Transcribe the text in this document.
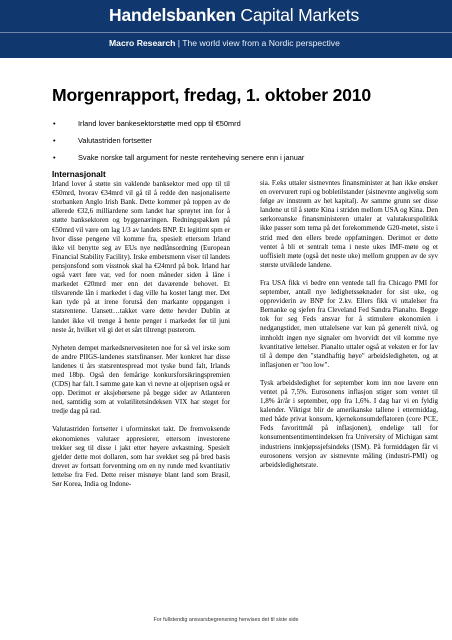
Handelsbanken Capital Markets
Macro Research | The world view from a Nordic perspective
Morgenrapport, fredag, 1. oktober 2010
•	Irland lover bankesektorstøtte med opp til €50mrd
•	Valutastriden fortsetter
•	Svake norske tall argument for neste renteheving senere enn i januar
Internasjonalt

Irland lover å støtte sin vaklende banksektor med opp til til €50mrd, hvorav €34mrd vil gå til å redde den nasjonaliserte storbanken Anglo Irish Bank. Dette kommer på toppen av de allerede €32,6 milliardene som landet har sprøytet inn for å støtte banksektoren og byggenæringen. Redningspakken på €50mrd vil være om lag 1/3 av landets BNP. Et legitimt spm er hvor disse pengene vil komme fra, spesielt ettersom Irland ikke vil benytte seg av EUs nye nødlånsordning (European Financial Stability Facility). Irske embetsmenn viser til landets pensjonsfond som visstnok skal ha €24mrd på bok. Irland har også vært føre var, ved for noen måneder siden å låne i markedet €20mrd mer enn det daværende behovet. Et tilsvarende lån i markedet i dag ville ha kostet langt mer. Det kan tyde på at irene forutså den markante oppgangen i statsrentene. Uansett…takket være dette hevder Dublin at landet ikke vil trenge å hente penger i markedet før til juni neste år, hvilket vil gi det et sårt tiltrengt pusterom.

Nyheten dempet markedsnervøsiteten noe for så vel irske som de andre PIIGS-landenes statsfinanser. Mer konkret har disse landenes ti års statsrentespread mot tyske bund falt, Irlands med 18bp. Også den femårige konkursforsikringspremien (CDS) har falt. I samme gate kan vi nevne at oljeprisen også er opp. Derimot er aksjebørsene på begge sider av Atlanteren ned, samtidig som at volatilitetsindeksen VIX har steget for tredje dag på rad.

Valutastriden fortsetter i uforminsket takt. De fremvoksende økonomienes valutaer appresierer, ettersom investorene trekker seg til disse i jakt etter høyere avkastning. Spesielt gjelder dette mot dollaren, som har svekket seg på bred basis drevet av fortsatt forventning om en ny runde med kvantitativ lettelse fra Fed. Dette reiser misnøye blant land som Brasil, Sør Korea, India og Indone-

sia. F.eks uttaler sistnevntes finansminister at han ikke ønsker en overvurert rupi og bobletilstander (sistnevnte angivelig som følge av innstrøm av het kapital). Av samme grunn ser disse landene ut til å støtte Kina i striden mellom USA og Kina. Den sørkoreanske finansministeren uttaler at valutakurspolitikk ikke passer som tema på det forekommende G20-møtet, siste i strid med den ellers brede oppfatningen. Derimot er dette ventet å bli et sentralt tema i neste ukes IMF-møte og et uoffisielt møte (også det neste uke) mellom gruppen av de syv største utviklede landene.

Fra USA fikk vi bedre enn ventede tall fra Chicago PMI for september, antall nye ledighetssøknader for sist uke, og oppreviderin av BNP for 2.kv. Ellers fikk vi uttalelser fra Bernanke og sjefen fra Cleveland Fed Sandra Pianalto. Begge tok for seg Feds ansvar for å stimulere økonomien i nedgangstider, men uttalelsene var kun på generelt nivå, og innholdt ingen nye signaler om hvorvidt det vil komme nye kvantitative lettelser. Pianalto uttaler også at veksten er for lav til å dempe den "standhaftig høye" arbeidsledigheten, og at inflasjonen er "too low".

Tysk arbeidsledighet for september kom inn noe lavere enn ventet på 7,5%. Eurosonens inflasjon stiger som ventet til 1,8% år/år i september, opp fra 1,6%. I dag har vi en fyldig kalender. Viktigst blir de amerikanske tallene i ettermiddag, med både privat konsum, kjernekonsumdeflatoren (core PCE, Feds favorittmål på inflasjonen), endelige tall for konsumentsentimentindeksen fra University of Michigan samt industriens innkjøpssjefsindeks (ISM). På formiddagen får vi eurosonens versjon av sistnevnte måling (industri-PMI) og arbeidsledighetsrate.

For fullstendig ansvarsbegrensning henvises det til siste side
